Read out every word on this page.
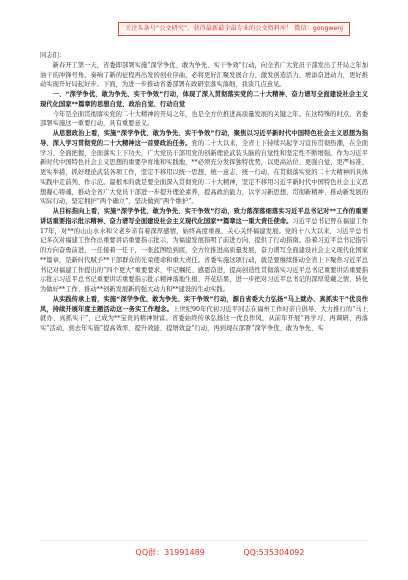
关注头条号“公文研究”，获得最新最全最专业的公文资料库！ 微信：gongwenj

同志们：

新春开工第一天，省委即部署实施“深学争优、敢为争先、实干争效”行动，向全省广大党员干部发出了开局之年加油干的冲锋号角，奏响了新的征程再出发的创业序曲，必将更好汇聚发展合力、激发创造活力、增添奋进动力，更好推动实现开好局起好步。下面，为进一步推动省委部署在政研室落实落细，我谈几点意见。

一、“深学争优、敢为争先、实干争效”行动，体现了深入贯彻落实党的二十大精神、奋力谱写全面建设社会主义现代化国家**篇章的思想自觉、政治自觉、行动自觉

今年是全面贯彻落实党的二十大精神的开局之年，也是全方位推进高质量发展的关键之年。在这特殊的时点，省委部署实施这一重要行动，具有重要意义。

从思想政治上看，实施“深学争优、敢为争先、实干争效”行动，聚焦以习近平新时代中国特色社会主义思想为指导、深入学习贯彻党的二十大精神这一首要政治任务。党的二十大以来，全省上下持续兴起学习宣传贯彻热潮，在全面学习、全面把握、全面落实上下功夫，广大党员干部用党的创新理论武装头脑的自觉性和坚定性不断增强。作为习近平新时代中国特色社会主义思想的重要孕育地和实践地，**必须充分发挥独特优势，以更高站位、更强自觉、更严标准、更实举措，抓好理论武装各项工作，坚定不移用以统一思想、统一意志、统一行动，在贯彻落实党的二十大精神的具体实践中走前列、作示范。最根本的就是要全面深入贯彻党的二十大精神，坚定不移用习近平新时代中国特色社会主义思想凝心铸魂，推动全省广大党员干部进一步提升理论素养，提高政治能力，以学习新思想、贯彻新精神、推动新发展的实际行动，坚定拥护“两个确立”，坚决做到“两个维护”。

从目标指向上看，实施“深学争优、敢为争先、实干争效”行动，致力落深落细落实习近平总书记对**工作的重要讲话重要指示批示精神、奋力谱写全面建设社会主义现代化国家**篇章这一重大责任使命。习近平总书记曾在福建工作17年，对**的山山水水和父老乡亲有着深厚感情，始终高度重视、关心关怀福建发展。党的十八大以来，习近平总书记多次对福建工作作出重要讲话重要指示批示，为福建发展指明了前进方向、提供了行动指南。沿着习近平总书记指引的方向奋勇前进，一任接着一任干，一张蓝图绘到底，全方位推进高质量发展，奋力谱写全面建设社会主义现代化国家**篇章，是新时代赋予**干部群众的光荣使命和重大责任。省委实施这项行动，就是要继续推动全省上下聚焦习近平总书记对福建工作提出的“四个更大”重要要求，牢记嘱托、感恩奋进，提高创造性贯彻落实习近平总书记重要讲话重要指示批示习近平总书记重要讲话重要指示批示精神落地生根、开花结果，进一步把对习近平总书记的深厚爱戴之情，转化为做好**工作、推动**创新发展新的强大动力和**建设的生动实践。

从实践传承上看，实施“深学争优、敢为争先、实干争效”行动，源自省委大力弘扬“马上就办、真抓实干”优良作风，持续开展年度主题活动这一务实工作理念。上世纪90年代初习近平同志在福州工作时亲自倡导、大力推行的“马上就办、真抓实干”，已成为**宝贵的精神财富。省委始终传承弘扬这一优良作风，从前年开展“再学习、再调研、再落实”活动，到去年实施“提高效率、提升效能、提增效益”行动，再到现在部署“深学争优、敢为争先、实

QQ群：31991489	QQ:535304092
